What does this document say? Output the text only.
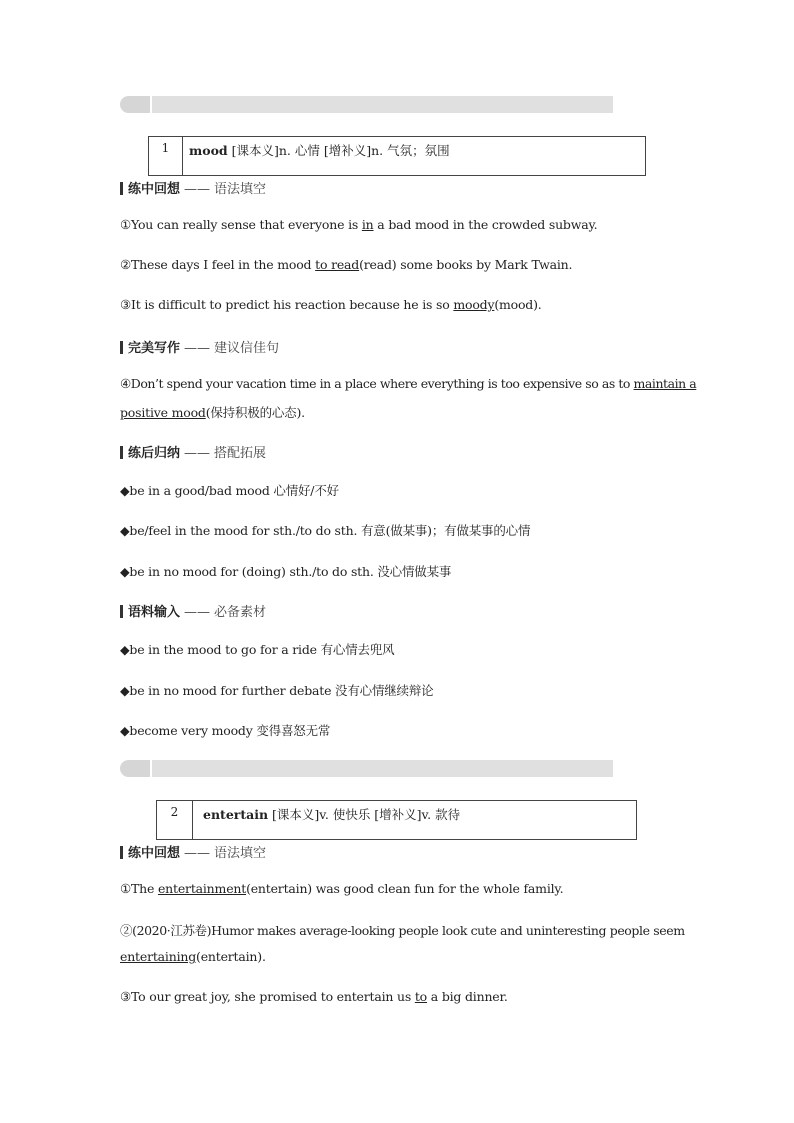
1	mood [课本义]n. 心情 [增补义]n. 气氛；氛围
练中回想 —— 语法填空
①You can really sense that everyone is in a bad mood in the crowded subway.
②These days I feel in the mood to read(read) some books by Mark Twain.
③It is difficult to predict his reaction because he is so moody(mood).
完美写作 —— 建议信佳句
④Don’t spend your vacation time in a place where everything is too expensive so as to maintain a
positive mood(保持积极的心态).
练后归纳 —— 搭配拓展
◆be in a good/bad mood 心情好/不好
◆be/feel in the mood for sth./to do sth. 有意(做某事)；有做某事的心情
◆be in no mood for (doing) sth./to do sth. 没心情做某事
语料输入 —— 必备素材
◆be in the mood to go for a ride 有心情去兜风
◆be in no mood for further debate 没有心情继续辩论
◆become very moody 变得喜怒无常
2	entertain [课本义]v. 使快乐 [增补义]v. 款待
练中回想 —— 语法填空
①The entertainment(entertain) was good clean fun for the whole family.
②(2020·江苏卷)Humor makes average-looking people look cute and uninteresting people seem
entertaining(entertain).
③To our great joy, she promised to entertain us to a big dinner.
